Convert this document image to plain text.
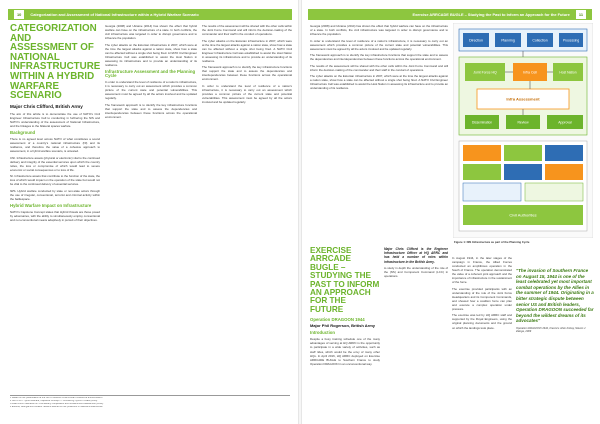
10 Categorization and Assessment of National Infrastructure within a Hybrid Warfare Scenario
CATEGORIZATION AND ASSESSMENT OF NATIONAL INFRASTRUCTURE WITHIN A HYBRID WARFARE SCENARIO
Major Chris Clifford, British Army

The aim of this article is to demonstrate the use of NATO's Civil Engineer Infrastructure Cell to conducting in furthering the NIS and NATO's understanding of the assessment of National Infrastructure, and the linkages to the bilateral spaces warfare.

Background

There is no agreed level across NATO of what constitutes a sound assessment of a country's national infrastructure (NI) and its resilience, and therefore the value of a cohesive approach to assessment, in a hybrid warfare scenario, is untested.

CNI. Infrastructure assets (physical or electronic) vital to the continued delivery and integrity of the essential services upon which the country relies, the loss or compromise of which would lead to severe economic or social consequences or to loss of life.

NI. Infrastructure assets that contribute to the function of the state, the loss of which would impact on the operation of the state but would not be vital to the continued delivery of essential services.

IWS. Hybrid warfare conducted by state or non-state actors through the use of irregular, conventional, terrorist and criminal activity within the battlespace.

Hybrid Warfare Impact on Infrastructure

NATO's Capstone Concept states that Hybrid threats are those posed by adversaries, with the ability to simultaneously employ conventional and non-conventional means adaptively in pursuit of their objectives.

Georgia (2008) and Ukraine (2014) has shown the effect that hybrid warfare can have on the infrastructure of a state. In both conflicts, the civil infrastructure was targeted in order to disrupt governance and to influence the population.

The cyber attacks on the Estonian infrastructure in 2007, which were at the time the largest attacks against a nation state, show how a state can be affected without a single shot being fired. A NATO Civil Engineer Infrastructure Cell was established to assist the Host Nation in assessing its infrastructure and to provide an understanding of its resilience.

Infrastructure Assessment and the Planning Cycle

In order to understand the level of resilience of a nation's infrastructure, it is necessary to carry out an assessment which provides a common picture of the current state and potential vulnerabilities. This assessment must be agreed by all the actors involved and be updated regularly.

The framework approach is to identify the key infrastructure functions that support the state and to assess the dependencies and interdependencies between these functions across the operational environment.

The results of the assessment will be shared with the other cells within the Joint Force Command and will inform the decision-making of the commander and their staff in the conduct of operations.

The cyber attacks on the Estonian infrastructure in 2007, which were at the time the largest attacks against a nation state, show how a state can be affected without a single shot being fired. A NATO Civil Engineer Infrastructure Cell was established to assist the Host Nation in assessing its infrastructure and to provide an understanding of its resilience.

The framework approach is to identify the key infrastructure functions that support the state and to assess the dependencies and interdependencies between these functions across the operational environment.

In order to understand the level of resilience of a nation's infrastructure, it is necessary to carry out an assessment which provides a common picture of the current state and potential vulnerabilities. This assessment must be agreed by all the actors involved and be updated regularly.

1 Based on the presentation at the NATO MILENG COE Annual Conference and Exhibition.
2 NATO ACT Hybrid Warfare, Capstone Concept — Countering Hybrid Threats (2010).
3 Allied Joint Publication on Civil-Military Cooperation and Infrastructure Assessment (2014).
4 Estonia, Georgia and Ukraine: lessons learned on the protection of national infrastructure.
Exercise ARRCADE BUGLE – Studying the Past to Inform an Approach for the Future 11
Direction	Planning	Collection	Processing
Joint Force HQ	Infra Cell	Host Nation
Infra Assessment
Dissemination	Review	Approval
Civil Authorities
Figure 1: NIS Infrastructure as part of the Planning Cycle

Georgia (2008) and Ukraine (2014) has shown the effect that hybrid warfare can have on the infrastructure of a state. In both conflicts, the civil infrastructure was targeted in order to disrupt governance and to influence the population.

In order to understand the level of resilience of a nation's infrastructure, it is necessary to carry out an assessment which provides a common picture of the current state and potential vulnerabilities. This assessment must be agreed by all the actors involved and be updated regularly.

The framework approach is to identify the key infrastructure functions that support the state and to assess the dependencies and interdependencies between these functions across the operational environment.

The results of the assessment will be shared with the other cells within the Joint Force Command and will inform the decision-making of the commander and their staff in the conduct of operations.

The cyber attacks on the Estonian infrastructure in 2007, which were at the time the largest attacks against a nation state, show how a state can be affected without a single shot being fired. A NATO Civil Engineer Infrastructure Cell was established to assist the Host Nation in assessing its infrastructure and to provide an understanding of its resilience.

EXERCISE ARRCADE BUGLE – STUDYING THE PAST TO INFORM AN APPROACH FOR THE FUTURE
Operation DRAGOON 1944
Major Phil Rogerson, British Army
Introduction

Despite a busy training schedule one of the many advantages of serving at HQ ARRC is the opportunity to participate in a wide variety of activities, such as staff rides, which would be the envy of many other HQs. In April 2016, HQ ARRC deployed on Exercise ARRCADE BUGLE to Southern France to study Operation DRAGOON in an unconventional way.

Major Chris Clifford is the Engineer Infrastructure Officer at HQ ARRC and has held a number of roles within infrastructure in the British Army.

to study in depth the understanding of the role of the (NS) and Component Command (LCC) in operations.

In August 1944, in the later stages of the campaign in France, the Allied Forces conducted an amphibious operation in the South of France. The operation demonstrated the value of a coherent joint approach and the importance of infrastructure in the sustainment of the force.

The exercise provided participants with an understanding of the role of the Joint Force Headquarters and its Component Commands, and showed how a coalition force can plan and execute a complex operation under pressure.

The exercise was led by HQ ARRC staff and supported by the Royal Engineers, using the original planning documents and the ground on which the landings took place.

"The invasion of Southern France on August 15, 1944 is one of the least celebrated yet most important combat operations by the Allies in the summer of 1944. Originating in a bitter strategic dispute between senior US and British leaders, Operation DRAGOON succeeded far beyond the wildest dreams of its advocates"
Operation DRAGOON 1944, France's other D-Day, Steven J. Zaloga, 2009
